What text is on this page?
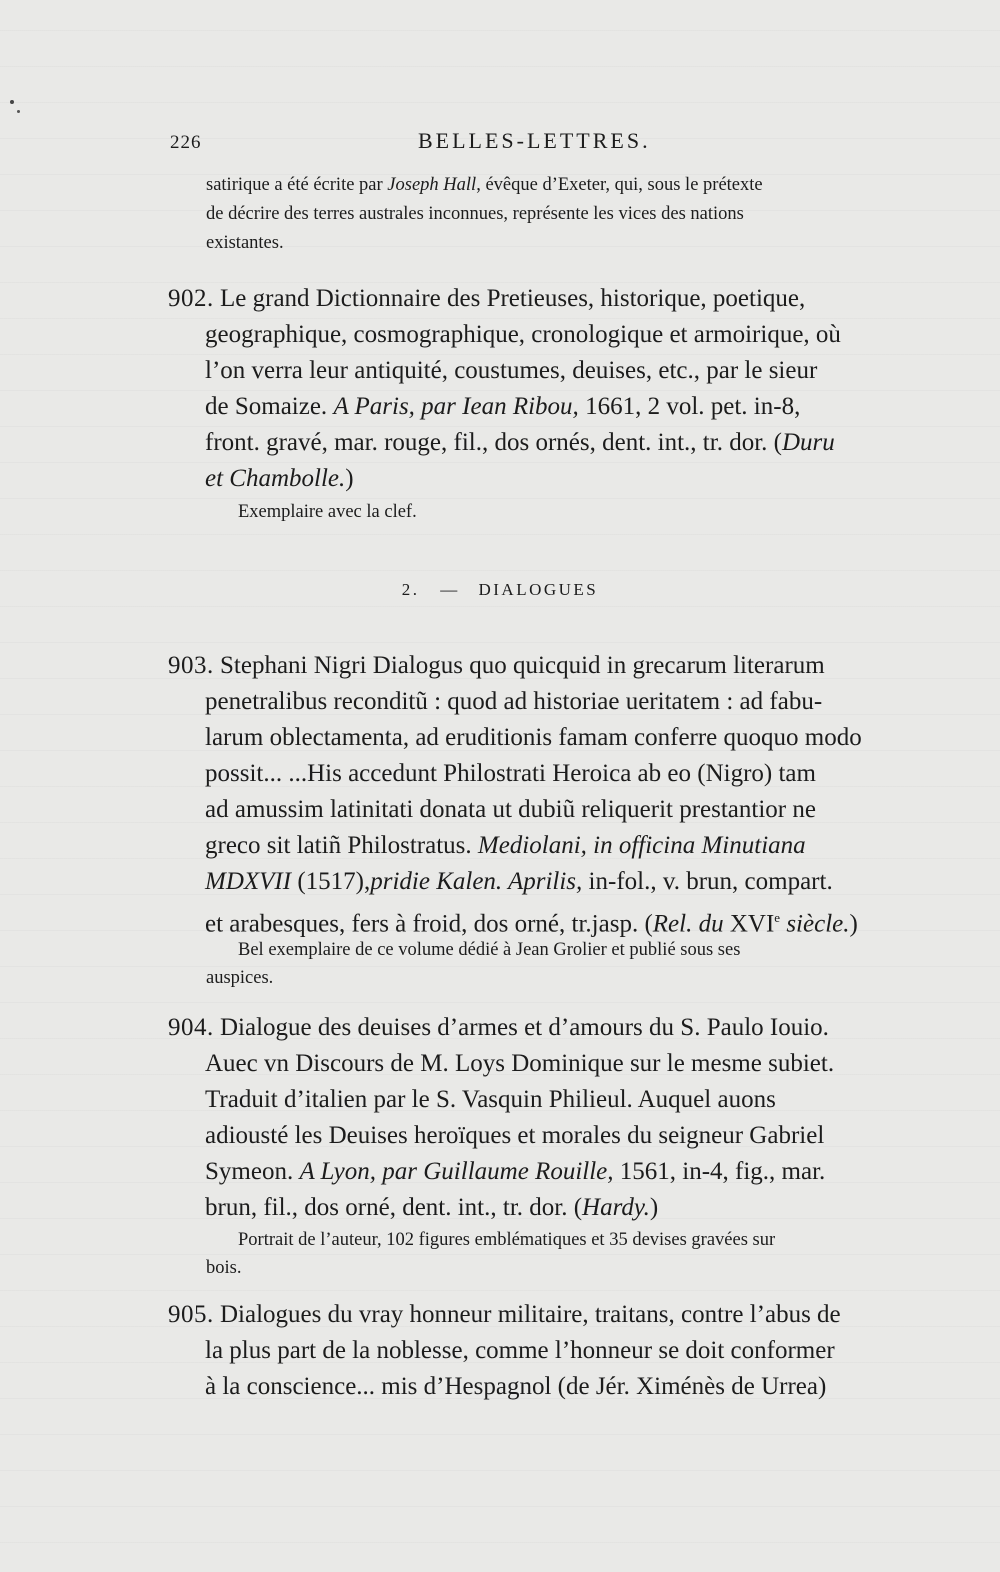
226	BELLES-LETTRES.
satirique a été écrite par Joseph Hall, évêque d’Exeter, qui, sous le prétexte
de décrire des terres australes inconnues, représente les vices des nations
existantes.
902. Le grand Dictionnaire des Pretieuses, historique, poetique,
geographique, cosmographique, cronologique et armoirique, où
l’on verra leur antiquité, coustumes, deuises, etc., par le sieur
de Somaize. A Paris, par Iean Ribou, 1661, 2 vol. pet. in-8,
front. gravé, mar. rouge, fil., dos ornés, dent. int., tr. dor. (Duru
et Chambolle.)
Exemplaire avec la clef.
2. — DIALOGUES
903. Stephani Nigri Dialogus quo quicquid in grecarum literarum
penetralibus reconditũ : quod ad historiae ueritatem : ad fabu-
larum oblectamenta, ad eruditionis famam conferre quoquo modo
possit... ...His accedunt Philostrati Heroica ab eo (Nigro) tam
ad amussim latinitati donata ut dubiũ reliquerit prestantior ne
greco sit latiñ Philostratus. Mediolani, in officina Minutiana
MDXVII (1517),pridie Kalen. Aprilis, in-fol., v. brun, compart.
et arabesques, fers à froid, dos orné, tr.jasp. (Rel. du XVIe siècle.)
Bel exemplaire de ce volume dédié à Jean Grolier et publié sous ses
auspices.
904. Dialogue des deuises d’armes et d’amours du S. Paulo Iouio.
Auec vn Discours de M. Loys Dominique sur le mesme subiet.
Traduit d’italien par le S. Vasquin Philieul. Auquel auons
adiousté les Deuises heroïques et morales du seigneur Gabriel
Symeon. A Lyon, par Guillaume Rouille, 1561, in-4, fig., mar.
brun, fil., dos orné, dent. int., tr. dor. (Hardy.)
Portrait de l’auteur, 102 figures emblématiques et 35 devises gravées sur
bois.
905. Dialogues du vray honneur militaire, traitans, contre l’abus de
la plus part de la noblesse, comme l’honneur se doit conformer
à la conscience... mis d’Hespagnol (de Jér. Ximénès de Urrea)
